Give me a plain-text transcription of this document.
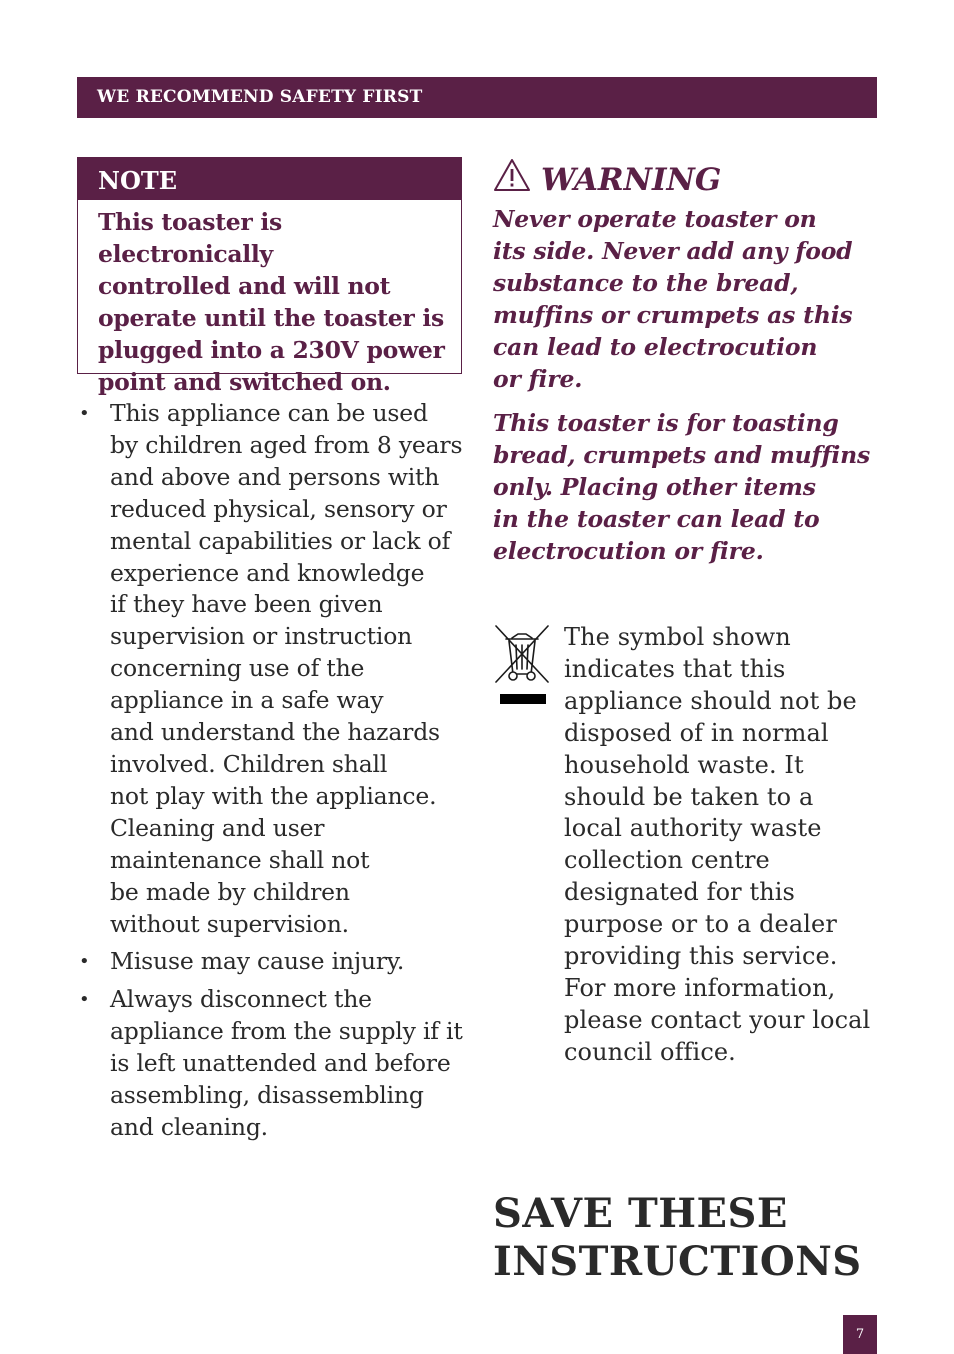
WE RECOMMEND SAFETY FIRST
NOTE
This toaster is electronically
controlled and will not
operate until the toaster is
plugged into a 230V power
point and switched on.
• This appliance can be used
by children aged from 8 years
and above and persons with
reduced physical, sensory or
mental capabilities or lack of
experience and knowledge
if they have been given
supervision or instruction
concerning use of the
appliance in a safe way
and understand the hazards
involved. Children shall
not play with the appliance.
Cleaning and user
maintenance shall not
be made by children
without supervision.
• Misuse may cause injury.
• Always disconnect the
appliance from the supply if it
is left unattended and before
assembling, disassembling
and cleaning.
WARNING
Never operate toaster on
its side. Never add any food
substance to the bread,
muffins or crumpets as this
can lead to electrocution
or fire.
This toaster is for toasting
bread, crumpets and muffins
only. Placing other items
in the toaster can lead to
electrocution or fire.
The symbol shown
indicates that this
appliance should not be
disposed of in normal
household waste. It
should be taken to a
local authority waste
collection centre
designated for this
purpose or to a dealer
providing this service.
For more information,
please contact your local
council office.
SAVE THESE
INSTRUCTIONS
7
